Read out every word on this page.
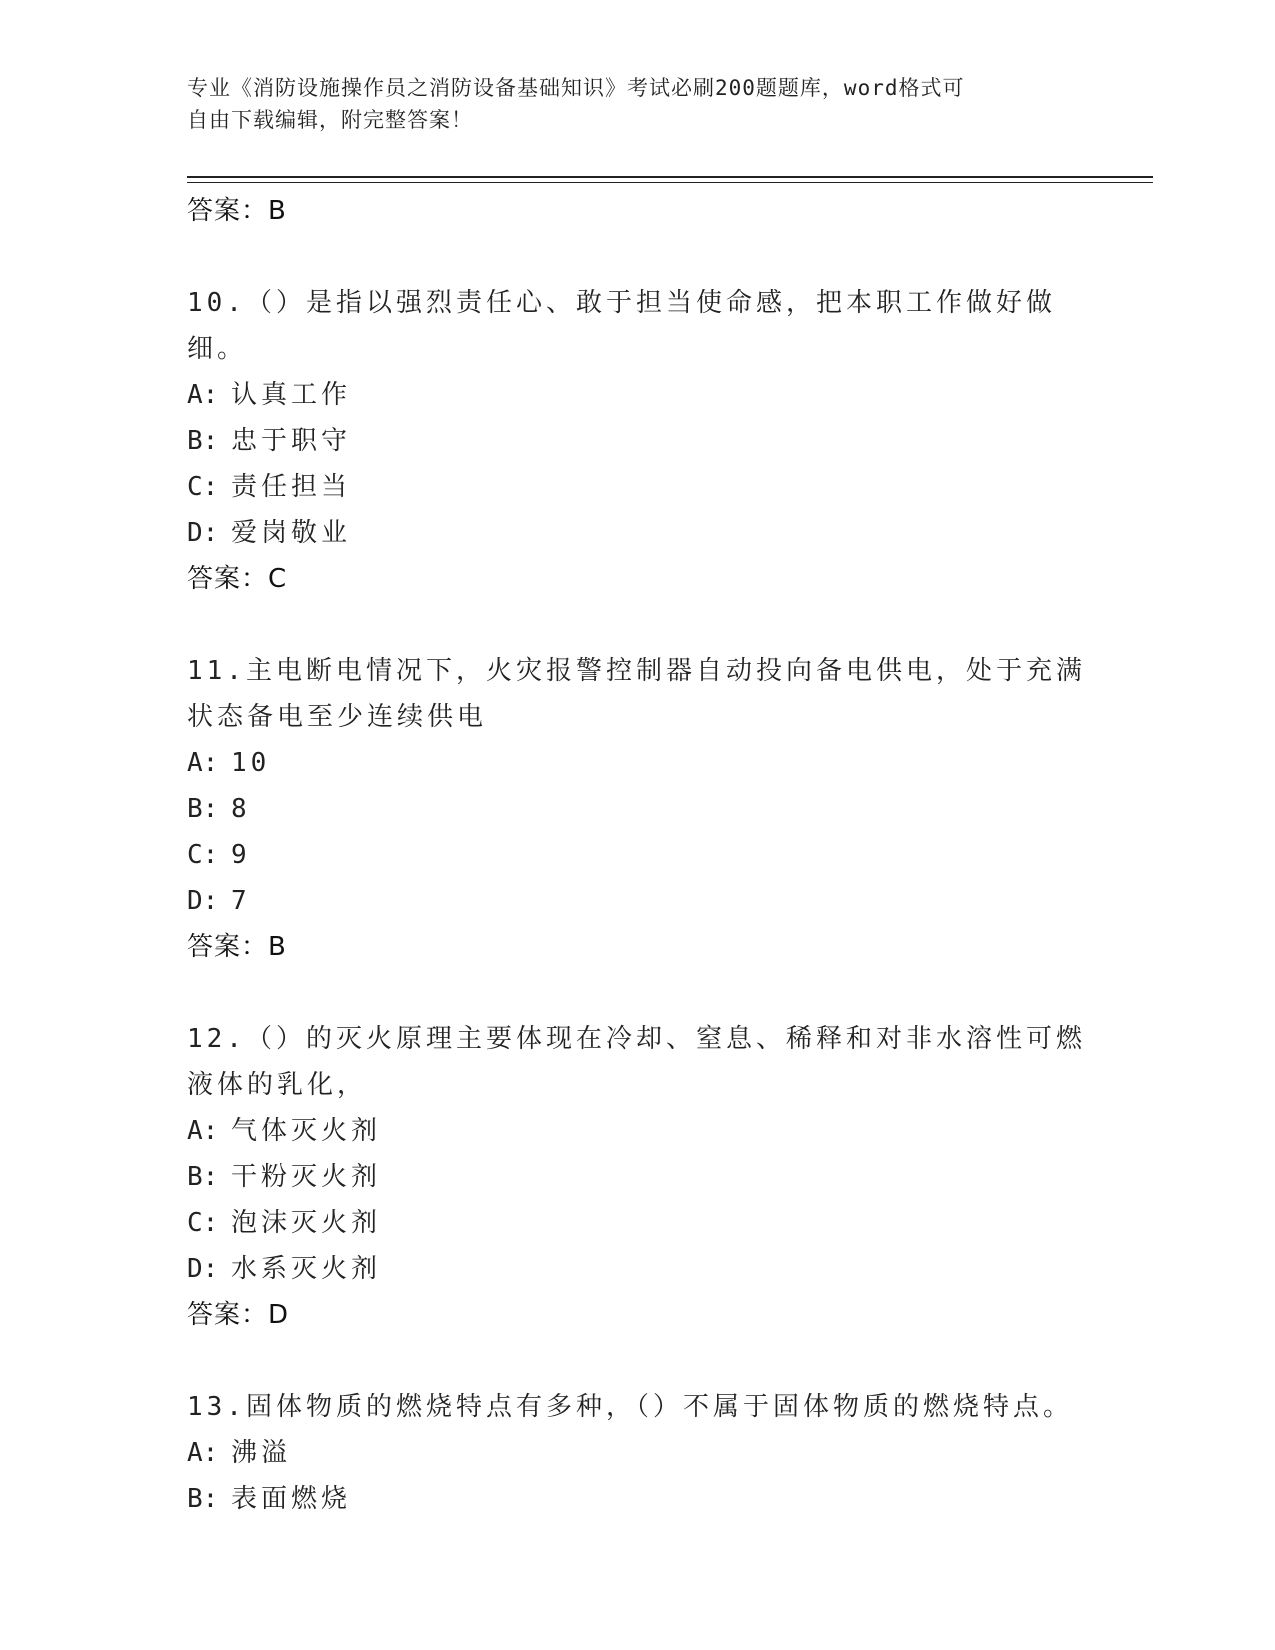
专业《消防设施操作员之消防设备基础知识》考试必刷200题题库，word格式可
自由下载编辑，附完整答案！
答案：B
10.（）是指以强烈责任心、敢于担当使命感，把本职工作做好做细。
A: 认真工作
B: 忠于职守
C: 责任担当
D: 爱岗敬业
答案：C
11.主电断电情况下，火灾报警控制器自动投向备电供电，处于充满状态备电至少连续供电
A: 10
B: 8
C: 9
D: 7
答案：B
12.（）的灭火原理主要体现在冷却、窒息、稀释和对非水溶性可燃液体的乳化，
A: 气体灭火剂
B: 干粉灭火剂
C: 泡沫灭火剂
D: 水系灭火剂
答案：D
13.固体物质的燃烧特点有多种，（）不属于固体物质的燃烧特点。
A: 沸溢
B: 表面燃烧
